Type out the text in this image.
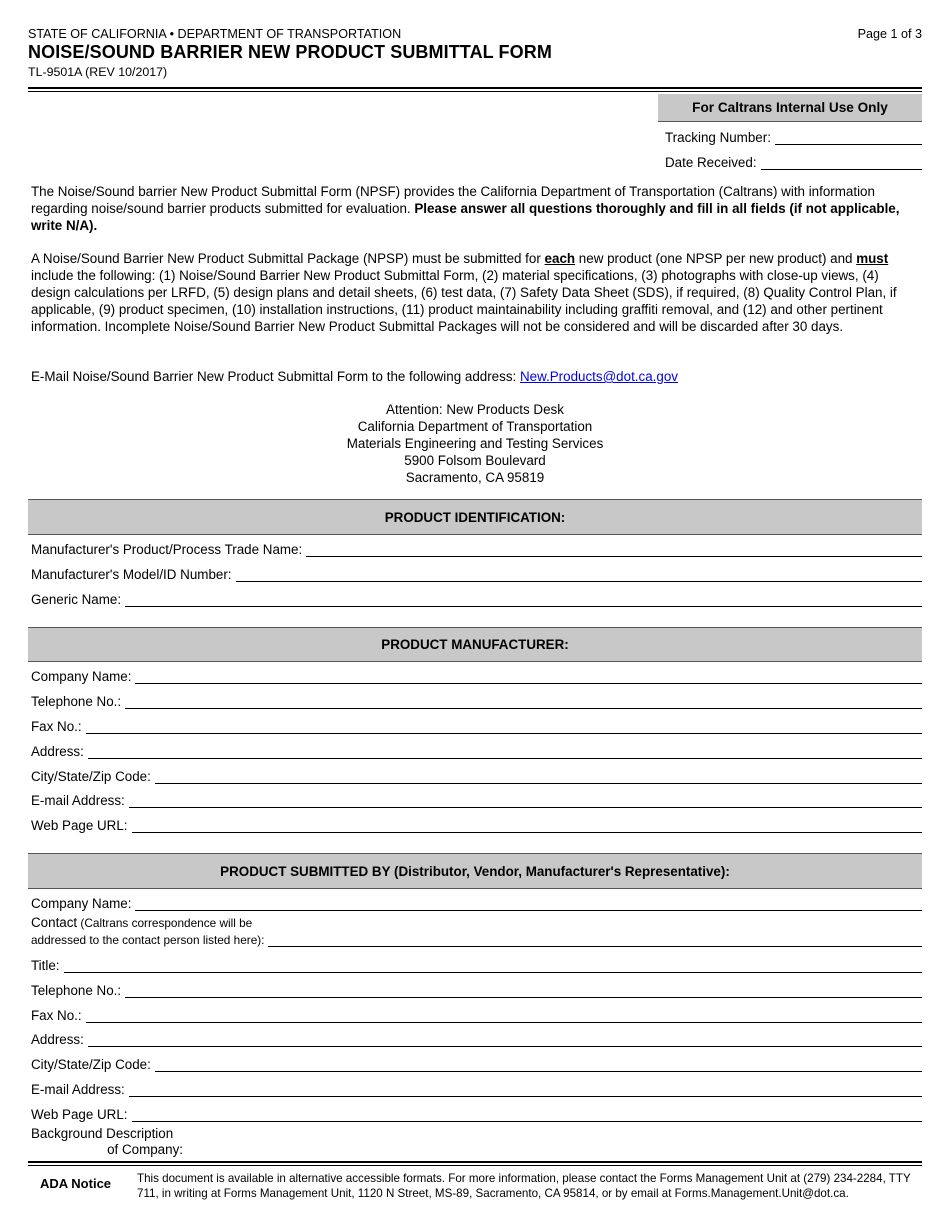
STATE OF CALIFORNIA • DEPARTMENT OF TRANSPORTATION	Page 1 of 3
NOISE/SOUND BARRIER NEW PRODUCT SUBMITTAL FORM
TL-9501A (REV 10/2017)
For Caltrans Internal Use Only
Tracking Number:
Date Received:
The Noise/Sound barrier New Product Submittal Form (NPSF) provides the California Department of Transportation (Caltrans) with information regarding noise/sound barrier products submitted for evaluation. Please answer all questions thoroughly and fill in all fields (if not applicable, write N/A).
A Noise/Sound Barrier New Product Submittal Package (NPSP) must be submitted for each new product (one NPSP per new product) and must include the following: (1) Noise/Sound Barrier New Product Submittal Form, (2) material specifications, (3) photographs with close-up views, (4) design calculations per LRFD, (5) design plans and detail sheets, (6) test data, (7) Safety Data Sheet (SDS), if required, (8) Quality Control Plan, if applicable, (9) product specimen, (10) installation instructions, (11) product maintainability including graffiti removal, and (12) and other pertinent information. Incomplete Noise/Sound Barrier New Product Submittal Packages will not be considered and will be discarded after 30 days.
E-Mail Noise/Sound Barrier New Product Submittal Form to the following address: New.Products@dot.ca.gov
Attention: New Products Desk
California Department of Transportation
Materials Engineering and Testing Services
5900 Folsom Boulevard
Sacramento, CA 95819
PRODUCT IDENTIFICATION:
Manufacturer's Product/Process Trade Name:
Manufacturer's Model/ID Number:
Generic Name:
PRODUCT MANUFACTURER:
Company Name:
Telephone No.:
Fax No.:
Address:
City/State/Zip Code:
E-mail Address:
Web Page URL:
PRODUCT SUBMITTED BY (Distributor, Vendor, Manufacturer's Representative):
Company Name:
Contact (Caltrans correspondence will be
addressed to the contact person listed here):
Title:
Telephone No.:
Fax No.:
Address:
City/State/Zip Code:
E-mail Address:
Web Page URL:
Background Description
of Company:
ADA Notice This document is available in alternative accessible formats. For more information, please contact the Forms Management Unit at (279) 234-2284, TTY 711, in writing at Forms Management Unit, 1120 N Street, MS-89, Sacramento, CA 95814, or by email at Forms.Management.Unit@dot.ca.
